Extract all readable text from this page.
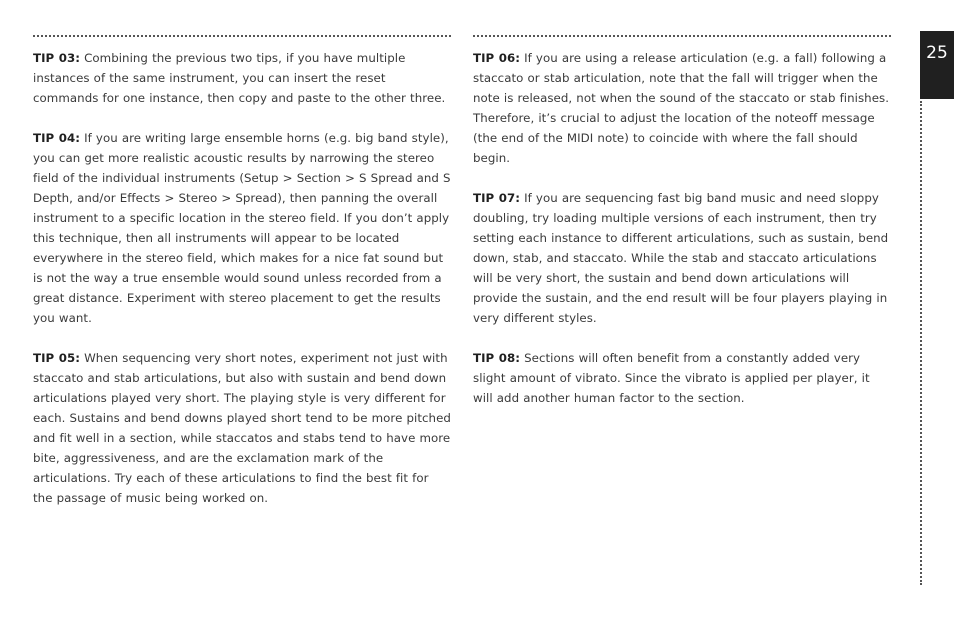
TIP 03: Combining the previous two tips, if you have multiple instances of the same instrument, you can insert the reset commands for one instance, then copy and paste to the other three.

TIP 04: If you are writing large ensemble horns (e.g. big band style), you can get more realistic acoustic results by narrowing the stereo field of the individual instruments (Setup > Section > S Spread and S Depth, and/or Effects > Stereo > Spread), then panning the overall instrument to a specific location in the stereo field. If you don’t apply this technique, then all instruments will appear to be located everywhere in the stereo field, which makes for a nice fat sound but is not the way a true ensemble would sound unless recorded from a great distance. Experiment with stereo placement to get the results you want.

TIP 05: When sequencing very short notes, experiment not just with staccato and stab articulations, but also with sustain and bend down articulations played very short. The playing style is very different for each. Sustains and bend downs played short tend to be more pitched and fit well in a section, while staccatos and stabs tend to have more bite, aggressiveness, and are the exclamation mark of the articulations. Try each of these articulations to find the best fit for the passage of music being worked on.

TIP 06: If you are using a release articulation (e.g. a fall) following a staccato or stab articulation, note that the fall will trigger when the note is released, not when the sound of the staccato or stab finishes. Therefore, it’s crucial to adjust the location of the noteoff message (the end of the MIDI note) to coincide with where the fall should begin.

TIP 07: If you are sequencing fast big band music and need sloppy doubling, try loading multiple versions of each instrument, then try setting each instance to different articulations, such as sustain, bend down, stab, and staccato. While the stab and staccato articulations will be very short, the sustain and bend down articulations will provide the sustain, and the end result will be four players playing in very different styles.

TIP 08: Sections will often benefit from a constantly added very slight amount of vibrato. Since the vibrato is applied per player, it will add another human factor to the section.

25
